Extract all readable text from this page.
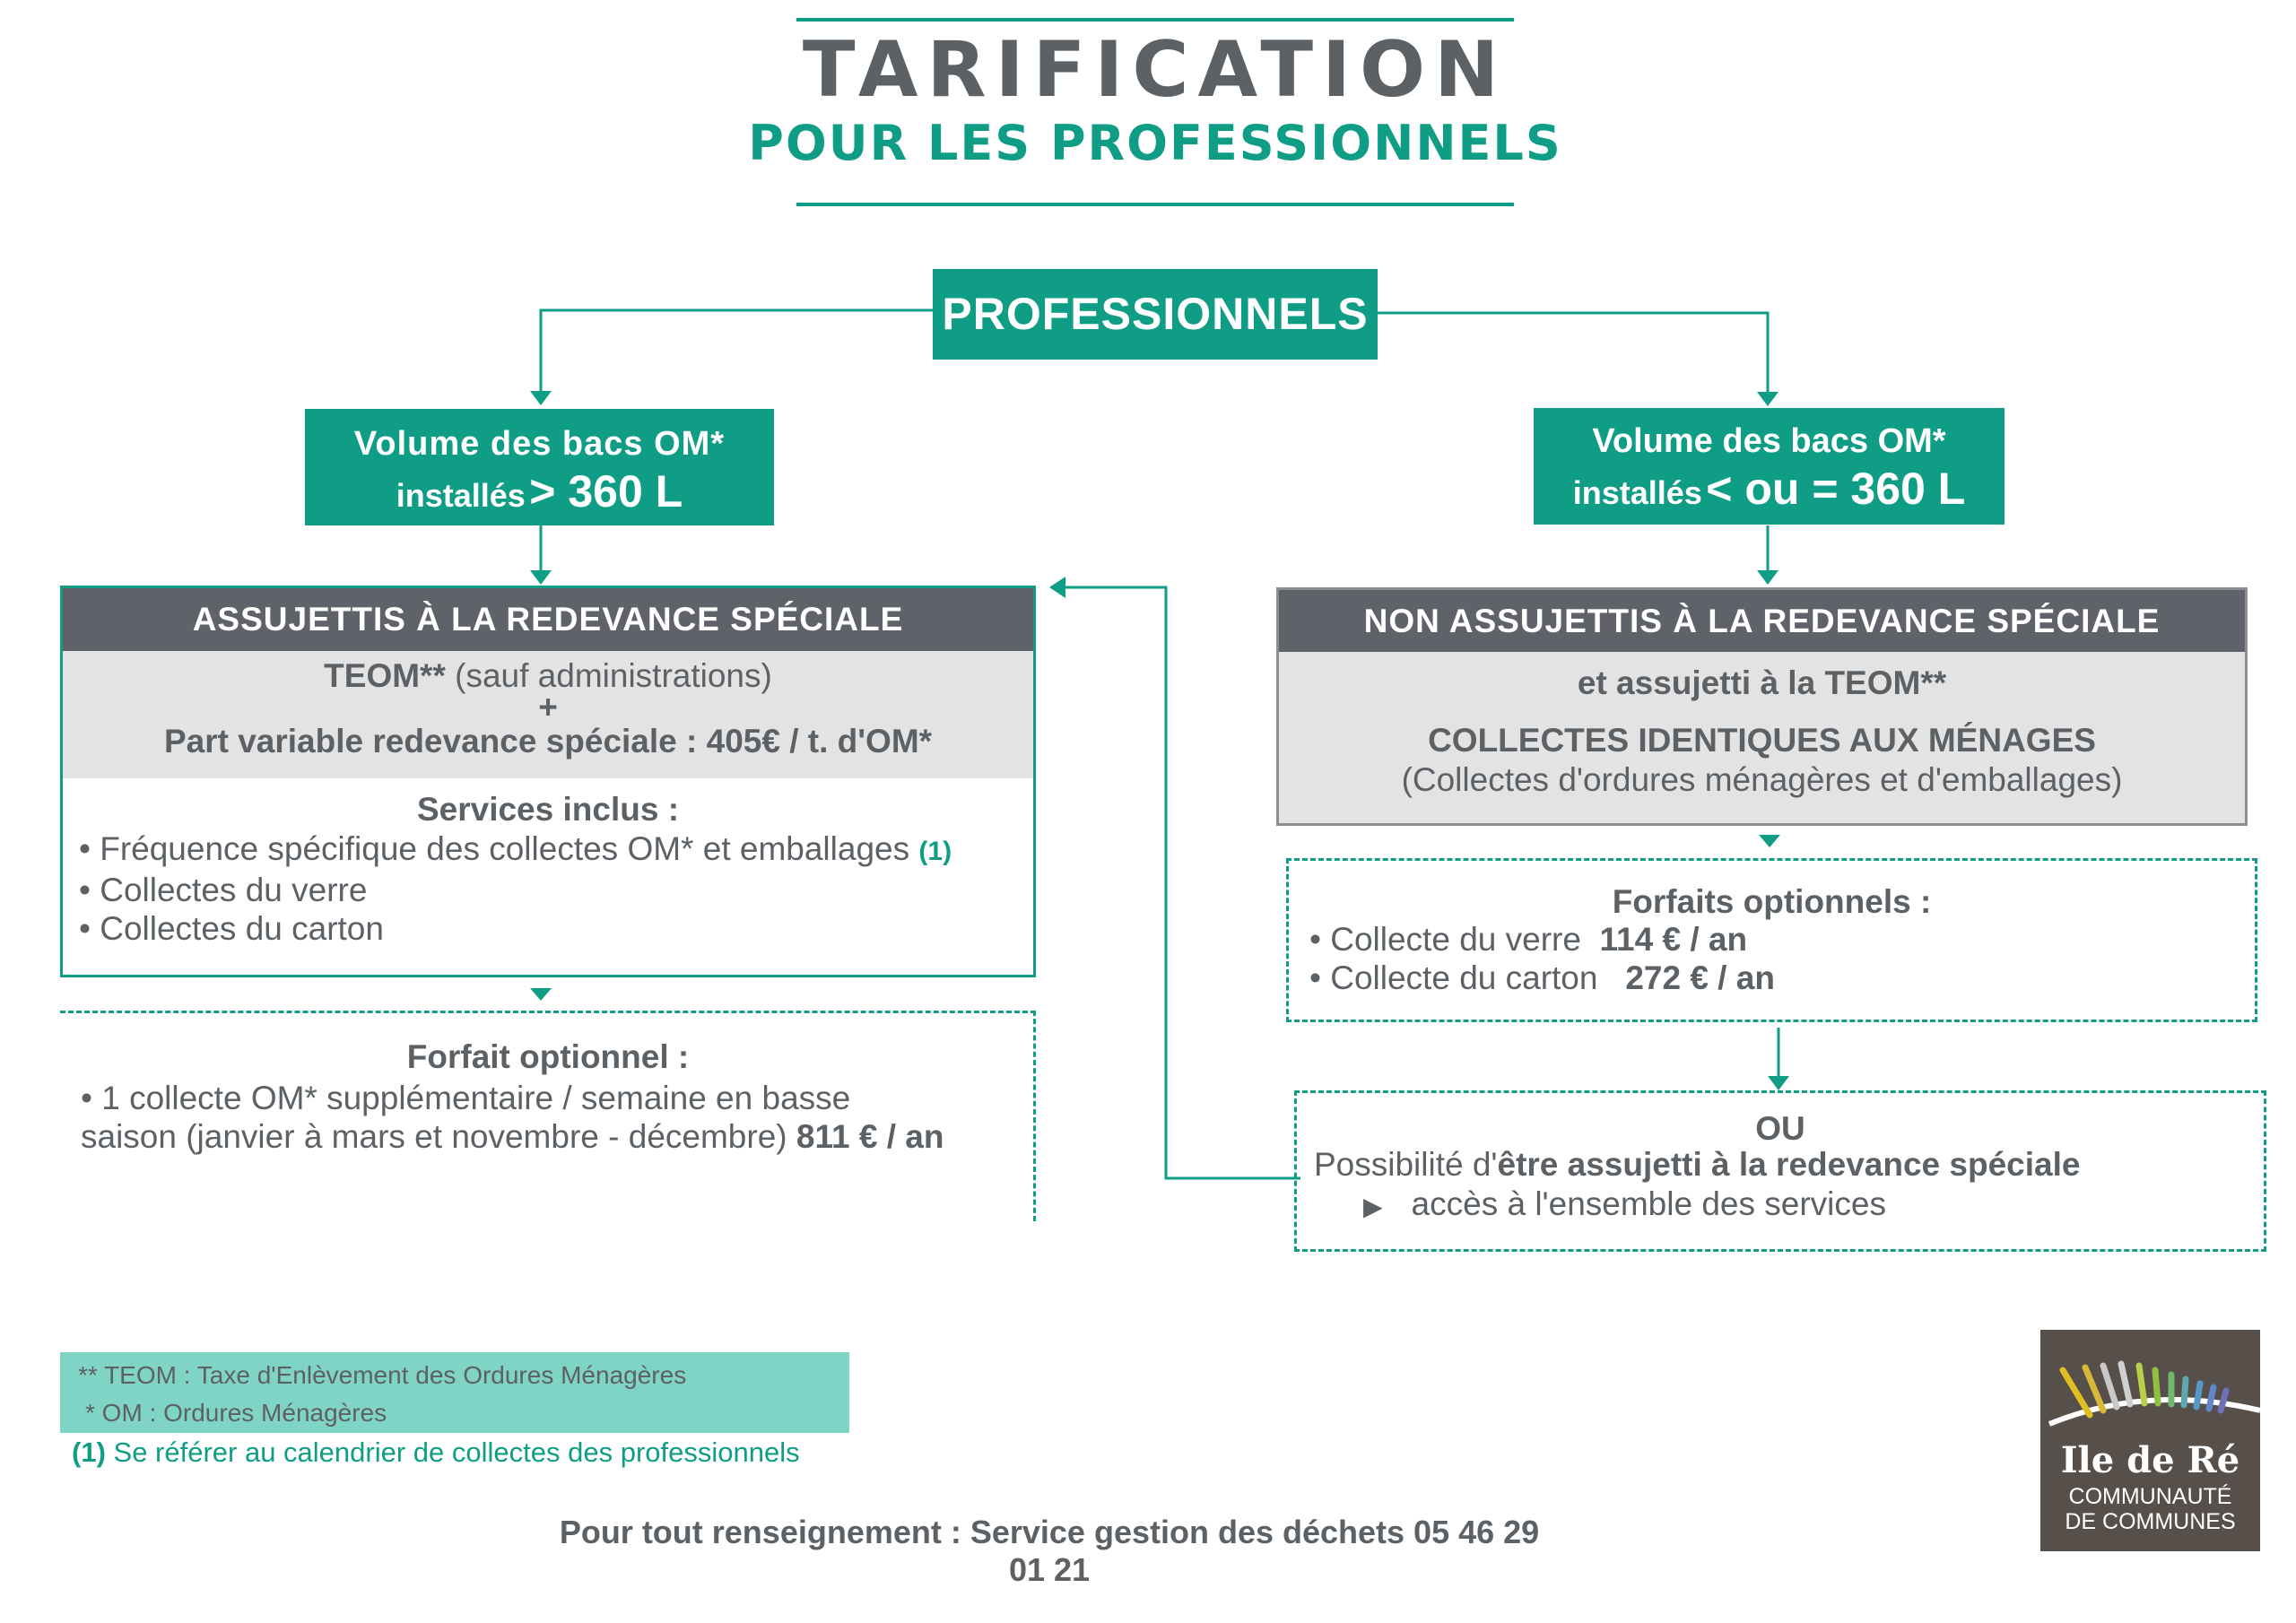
TARIFICATION
POUR LES PROFESSIONNELS
PROFESSIONNELS
Volume des bacs OM*
installés > 360 L
Volume des bacs OM*
installés < ou = 360 L
ASSUJETTIS À LA REDEVANCE SPÉCIALE
TEOM** (sauf administrations)
+
Part variable redevance spéciale : 405€ / t. d'OM*
Services inclus :
• Fréquence spécifique des collectes OM* et emballages (1)
• Collectes du verre
• Collectes du carton
Forfait optionnel :
• 1 collecte OM* supplémentaire / semaine en basse
saison (janvier à mars et novembre - décembre) 811 € / an
NON ASSUJETTIS À LA REDEVANCE SPÉCIALE
et assujetti à la TEOM**
COLLECTES IDENTIQUES AUX MÉNAGES
(Collectes d'ordures ménagères et d'emballages)
Forfaits optionnels :
• Collecte du verre 114 € / an
• Collecte du carton 272 € / an
OU
Possibilité d'être assujetti à la redevance spéciale
▶ accès à l'ensemble des services
** TEOM : Taxe d'Enlèvement des Ordures Ménagères
* OM : Ordures Ménagères
(1) Se référer au calendrier de collectes des professionnels
Pour tout renseignement : Service gestion des déchets 05 46 29 01 21
Ile de Ré
COMMUNAUTÉ
DE COMMUNES
